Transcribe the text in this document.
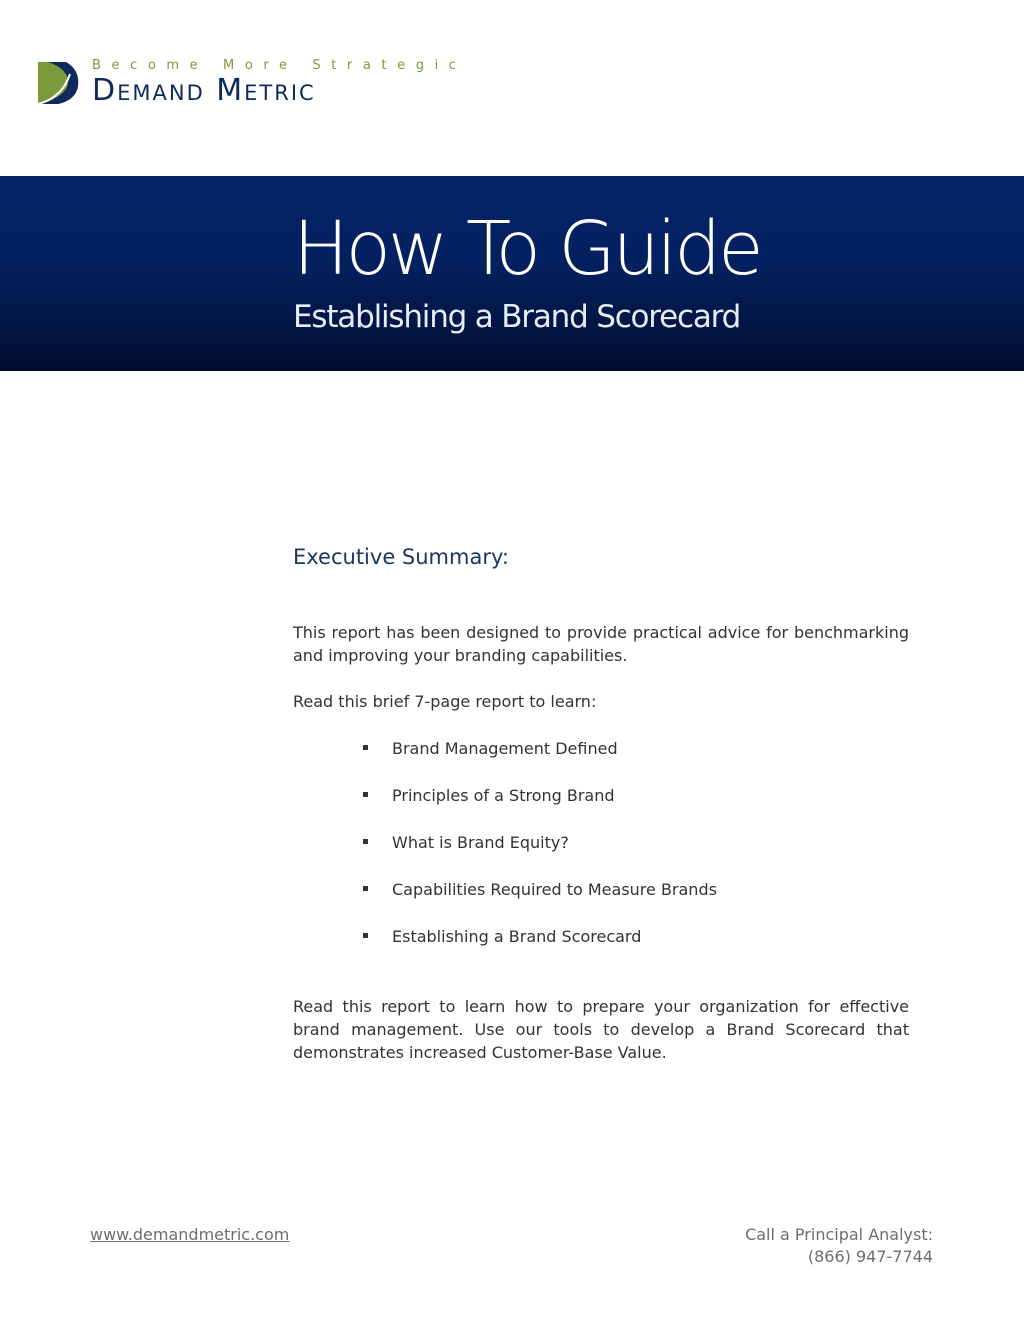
Become More Strategic
Demand Metric
How To Guide
Establishing a Brand Scorecard
Executive Summary:

This report has been designed to provide practical advice for benchmarking and improving your branding capabilities.

Read this brief 7-page report to learn:

Brand Management Defined
Principles of a Strong Brand
What is Brand Equity?
Capabilities Required to Measure Brands
Establishing a Brand Scorecard

Read this report to learn how to prepare your organization for effective brand management. Use our tools to develop a Brand Scorecard that demonstrates increased Customer-Base Value.

www.demandmetric.com	Call a Principal Analyst:
(866) 947-7744
